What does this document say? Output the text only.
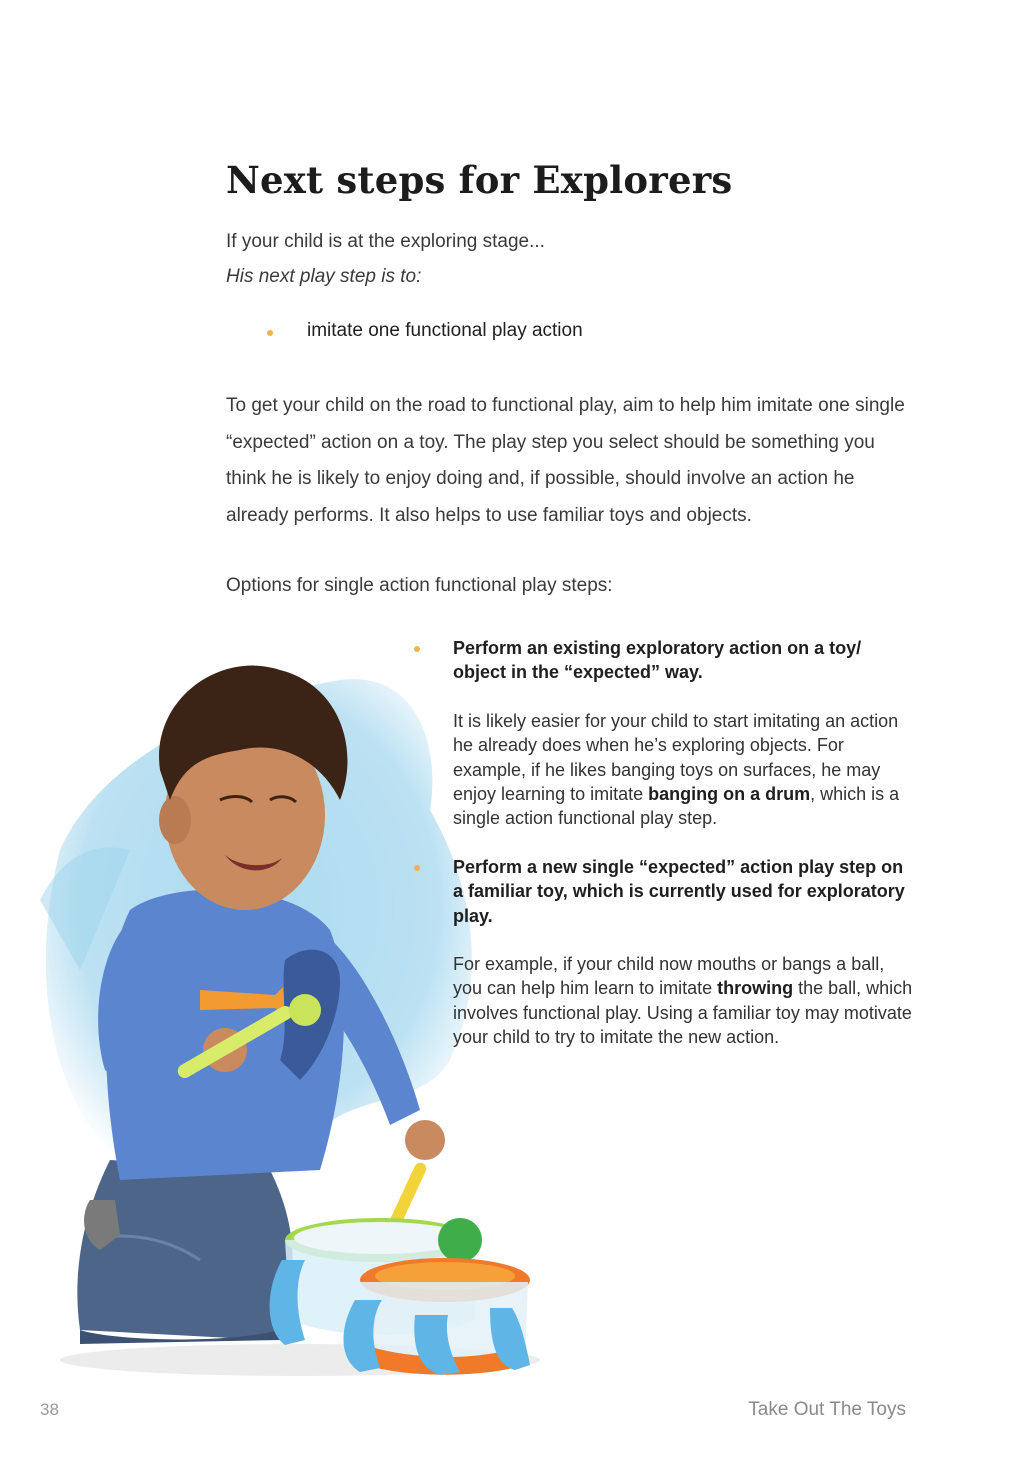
Next steps for Explorers
If your child is at the exploring stage...
His next play step is to:
imitate one functional play action

To get your child on the road to functional play, aim to help him imitate one single “expected” action on a toy. The play step you select should be something you think he is likely to enjoy doing and, if possible, should involve an action he already performs. It also helps to use familiar toys and objects.

Options for single action functional play steps:

Perform an existing exploratory action on a toy/ object in the “expected” way.

It is likely easier for your child to start imitating an action he already does when he’s exploring objects. For example, if he likes banging toys on surfaces, he may enjoy learning to imitate banging on a drum, which is a single action functional play step.

Perform a new single “expected” action play step on a familiar toy, which is currently used for exploratory play.

For example, if your child now mouths or bangs a ball, you can help him learn to imitate throwing the ball, which involves functional play. Using a familiar toy may motivate your child to try to imitate the new action.

38	Take Out The Toys
